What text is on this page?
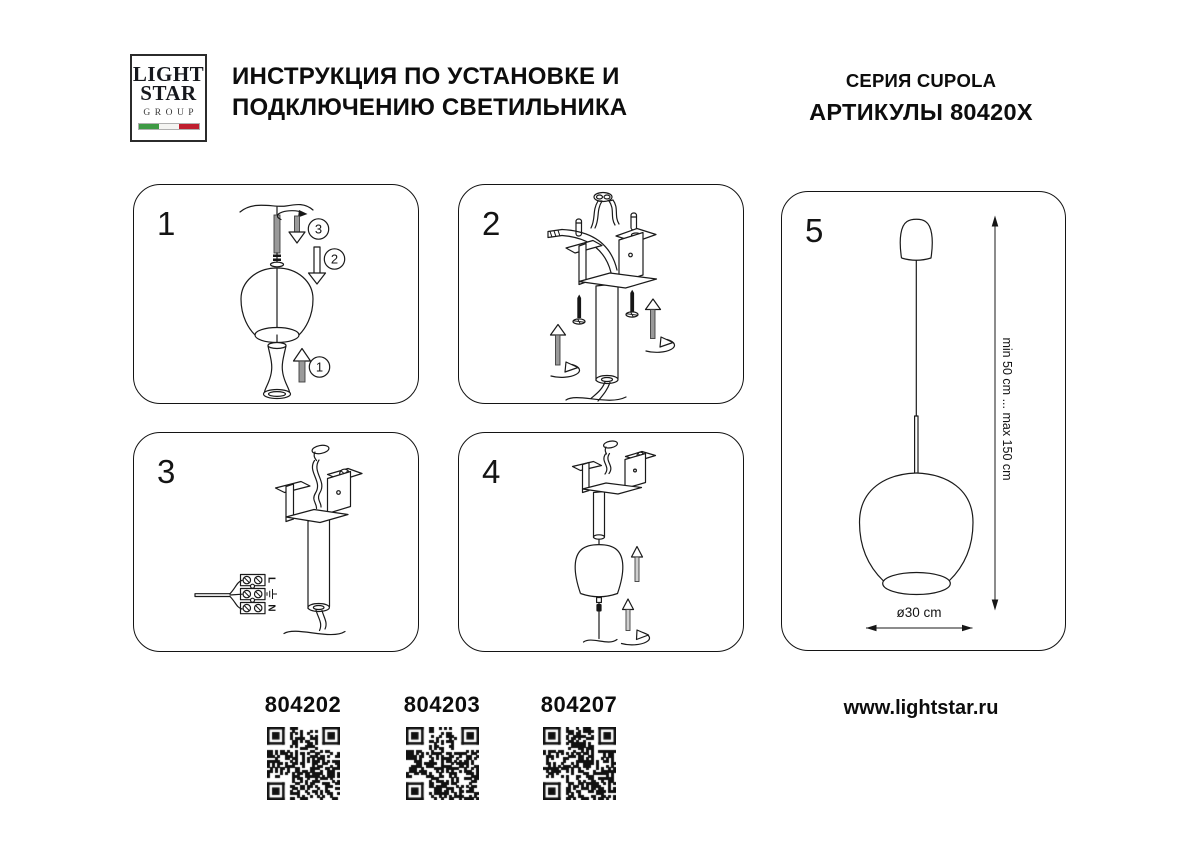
LIGHT
STAR
GROUP
ИНСТРУКЦИЯ ПО УСТАНОВКЕ И
ПОДКЛЮЧЕНИЮ СВЕТИЛЬНИКА
СЕРИЯ CUPOLA
АРТИКУЛЫ 80420X
1	3
2
1
2
3
L
N
4
5
min 50 cm ... max 150 cm
ø30 cm
804202	804203	804207	www.lightstar.ru
